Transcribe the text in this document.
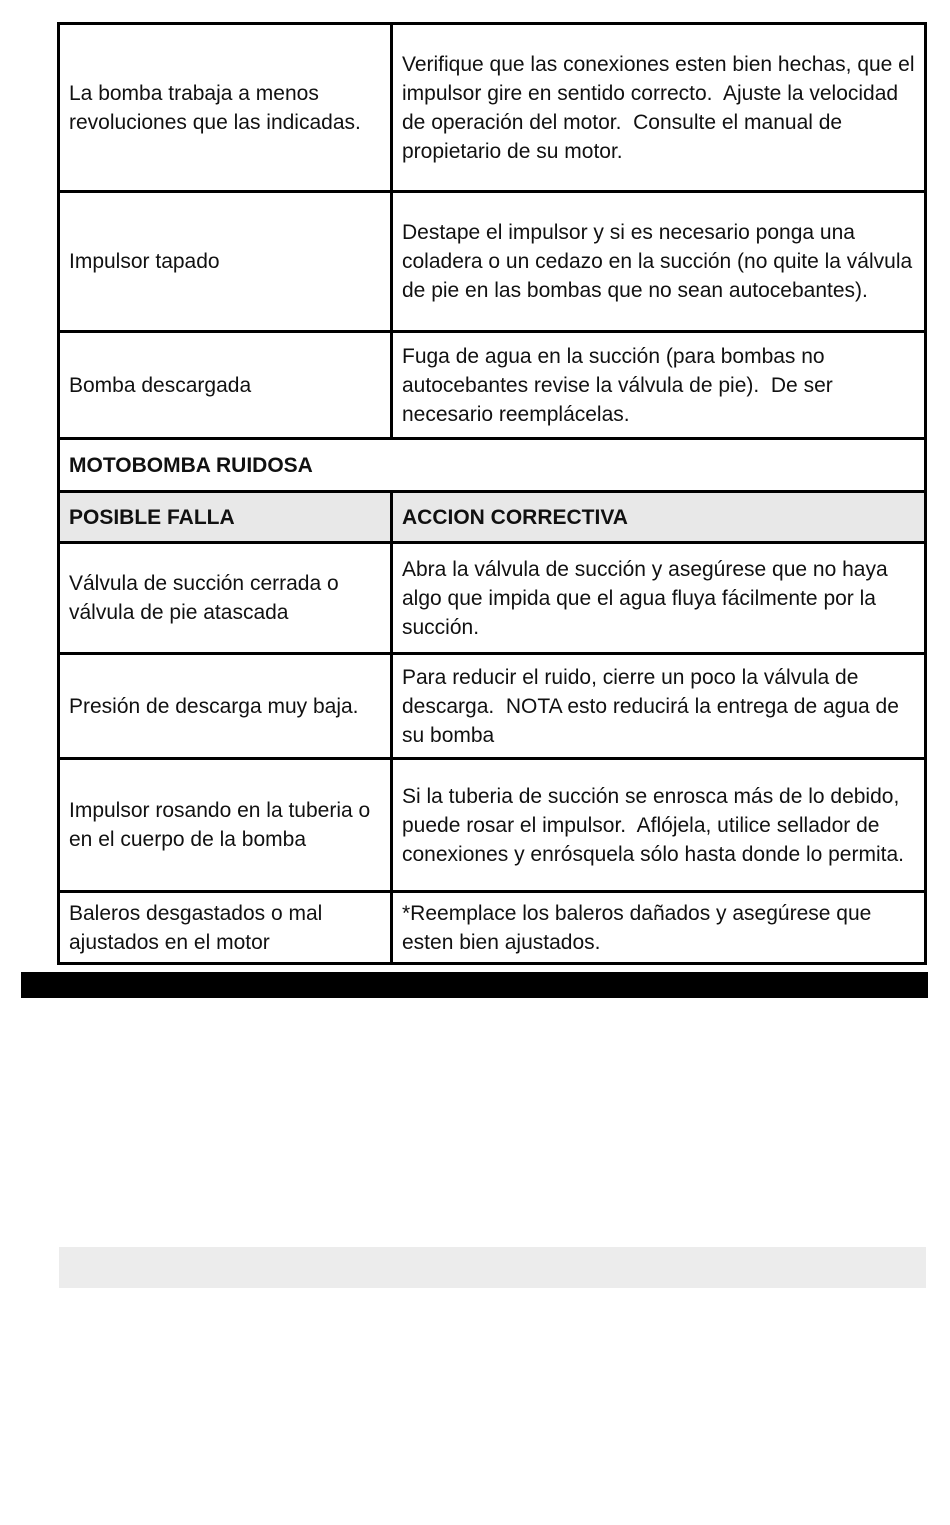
La bomba trabaja a menos revoluciones que las indicadas.	Verifique que las conexiones esten bien hechas, que el impulsor gire en sentido correcto.  Ajuste la velocidad de operación del motor.  Consulte el manual de propietario de su motor.
Impulsor tapado	Destape el impulsor y si es necesario ponga una coladera o un cedazo en la succión (no quite la válvula de pie en las bombas que no sean autocebantes).
Bomba descargada	Fuga de agua en la succión (para bombas no autocebantes revise la válvula de pie).  De ser necesario reemplácelas.
MOTOBOMBA RUIDOSA	
POSIBLE FALLA	ACCION CORRECTIVA
Válvula de succión cerrada o válvula de pie atascada	Abra la válvula de succión y asegúrese que no haya algo que impida que el agua fluya fácilmente por la succión.
Presión de descarga muy baja.	Para reducir el ruido, cierre un poco la válvula de descarga.  NOTA esto reducirá la entrega de agua de su bomba
Impulsor rosando en la tuberia o en el cuerpo de la bomba	Si la tuberia de succión se enrosca más de lo debido, puede rosar el impulsor.  Aflójela, utilice sellador de conexiones y enrósquela sólo hasta donde lo permita.
Baleros desgastados o mal ajustados en el motor	*Reemplace los baleros dañados y asegúrese que esten bien ajustados.
